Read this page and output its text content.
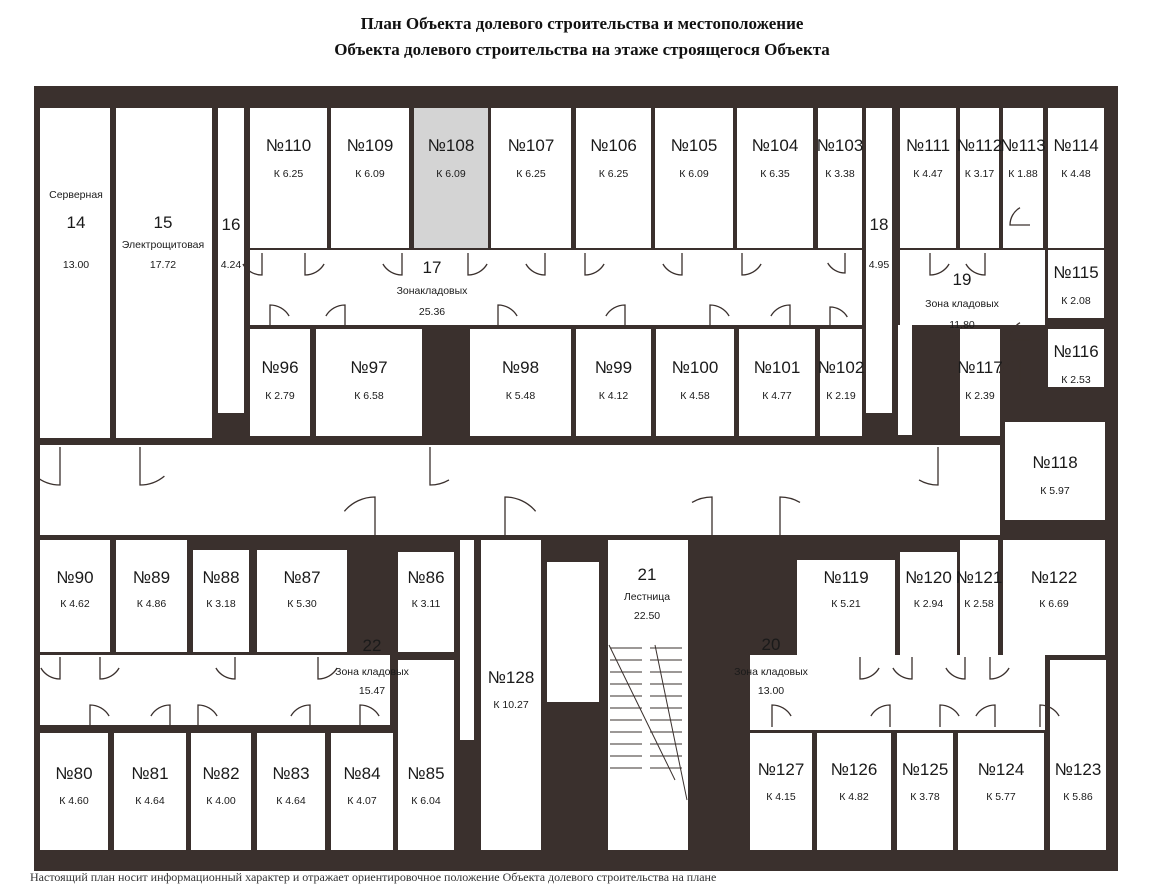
План Объекта долевого строительства и местоположение
Объекта долевого строительства на этаже строящегося Объекта
№110
К 6.25
№109
К 6.09
№108
К 6.09
№107
К 6.25
№106
К 6.25
№105
К 6.09
№104
К 6.35
№103
К 3.38
№111
К 4.47
№112
К 3.17
№113
К 1.88
№114
К 4.48
№96
К 2.79
№97
К 6.58
№98
К 5.48
№99
К 4.12
№100
К 4.58
№101
К 4.77
№102
К 2.19
№115
К 2.08
№116
К 2.53
№117
К 2.39
№118
К 5.97
№90
К 4.62
№89
К 4.86
№88
К 3.18
№87
К 5.30
№86
К 3.11
№119
К 5.21
№120
К 2.94
№121
К 2.58
№122
К 6.69
№80
К 4.60
№81
К 4.64
№82
К 4.00
№83
К 4.64
№84
К 4.07
№85
К 6.04
№128
К 10.27
№127
К 4.15
№126
К 4.82
№125
К 3.78
№124
К 5.77
№123
К 5.86
14
Серверная
13.00
15
Электрощитовая
17.72
16
4.24	17
Зонакладовых
25.36
18
4.95
19
Зона кладовых
11.80
20
Зона кладовых
13.00
21
Лестница
22.50
22
Зона кладовых
15.47
Настоящий план носит информационный характер и отражает ориентировочное положение Объекта долевого строительства на плане
